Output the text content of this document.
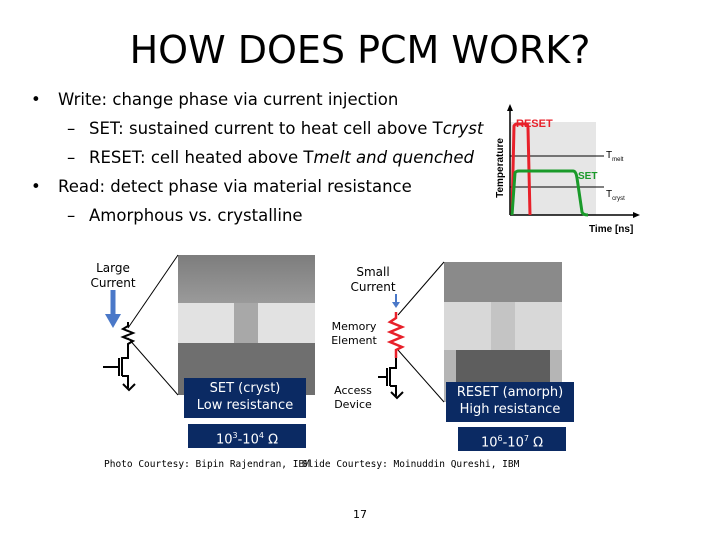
HOW DOES PCM WORK?
• Write: change phase via current injection
– SET: sustained current to heat cell above Tcryst
– RESET: cell heated above Tmelt and quenched
• Read: detect phase via material resistance
– Amorphous vs. crystalline
Temperature
RESET
SET
$T_{melt}$
$T_{cryst}$
Time [ns]
Large Current
Small Current
Memory Element
Access Device
SET (cryst)
Low resistance
RESET (amorph)
High resistance
$10^3-10^4$ Ω	$10^6-10^7$ Ω
Photo Courtesy: Bipin Rajendran, IBM
Slide Courtesy: Moinuddin Qureshi, IBM
17
